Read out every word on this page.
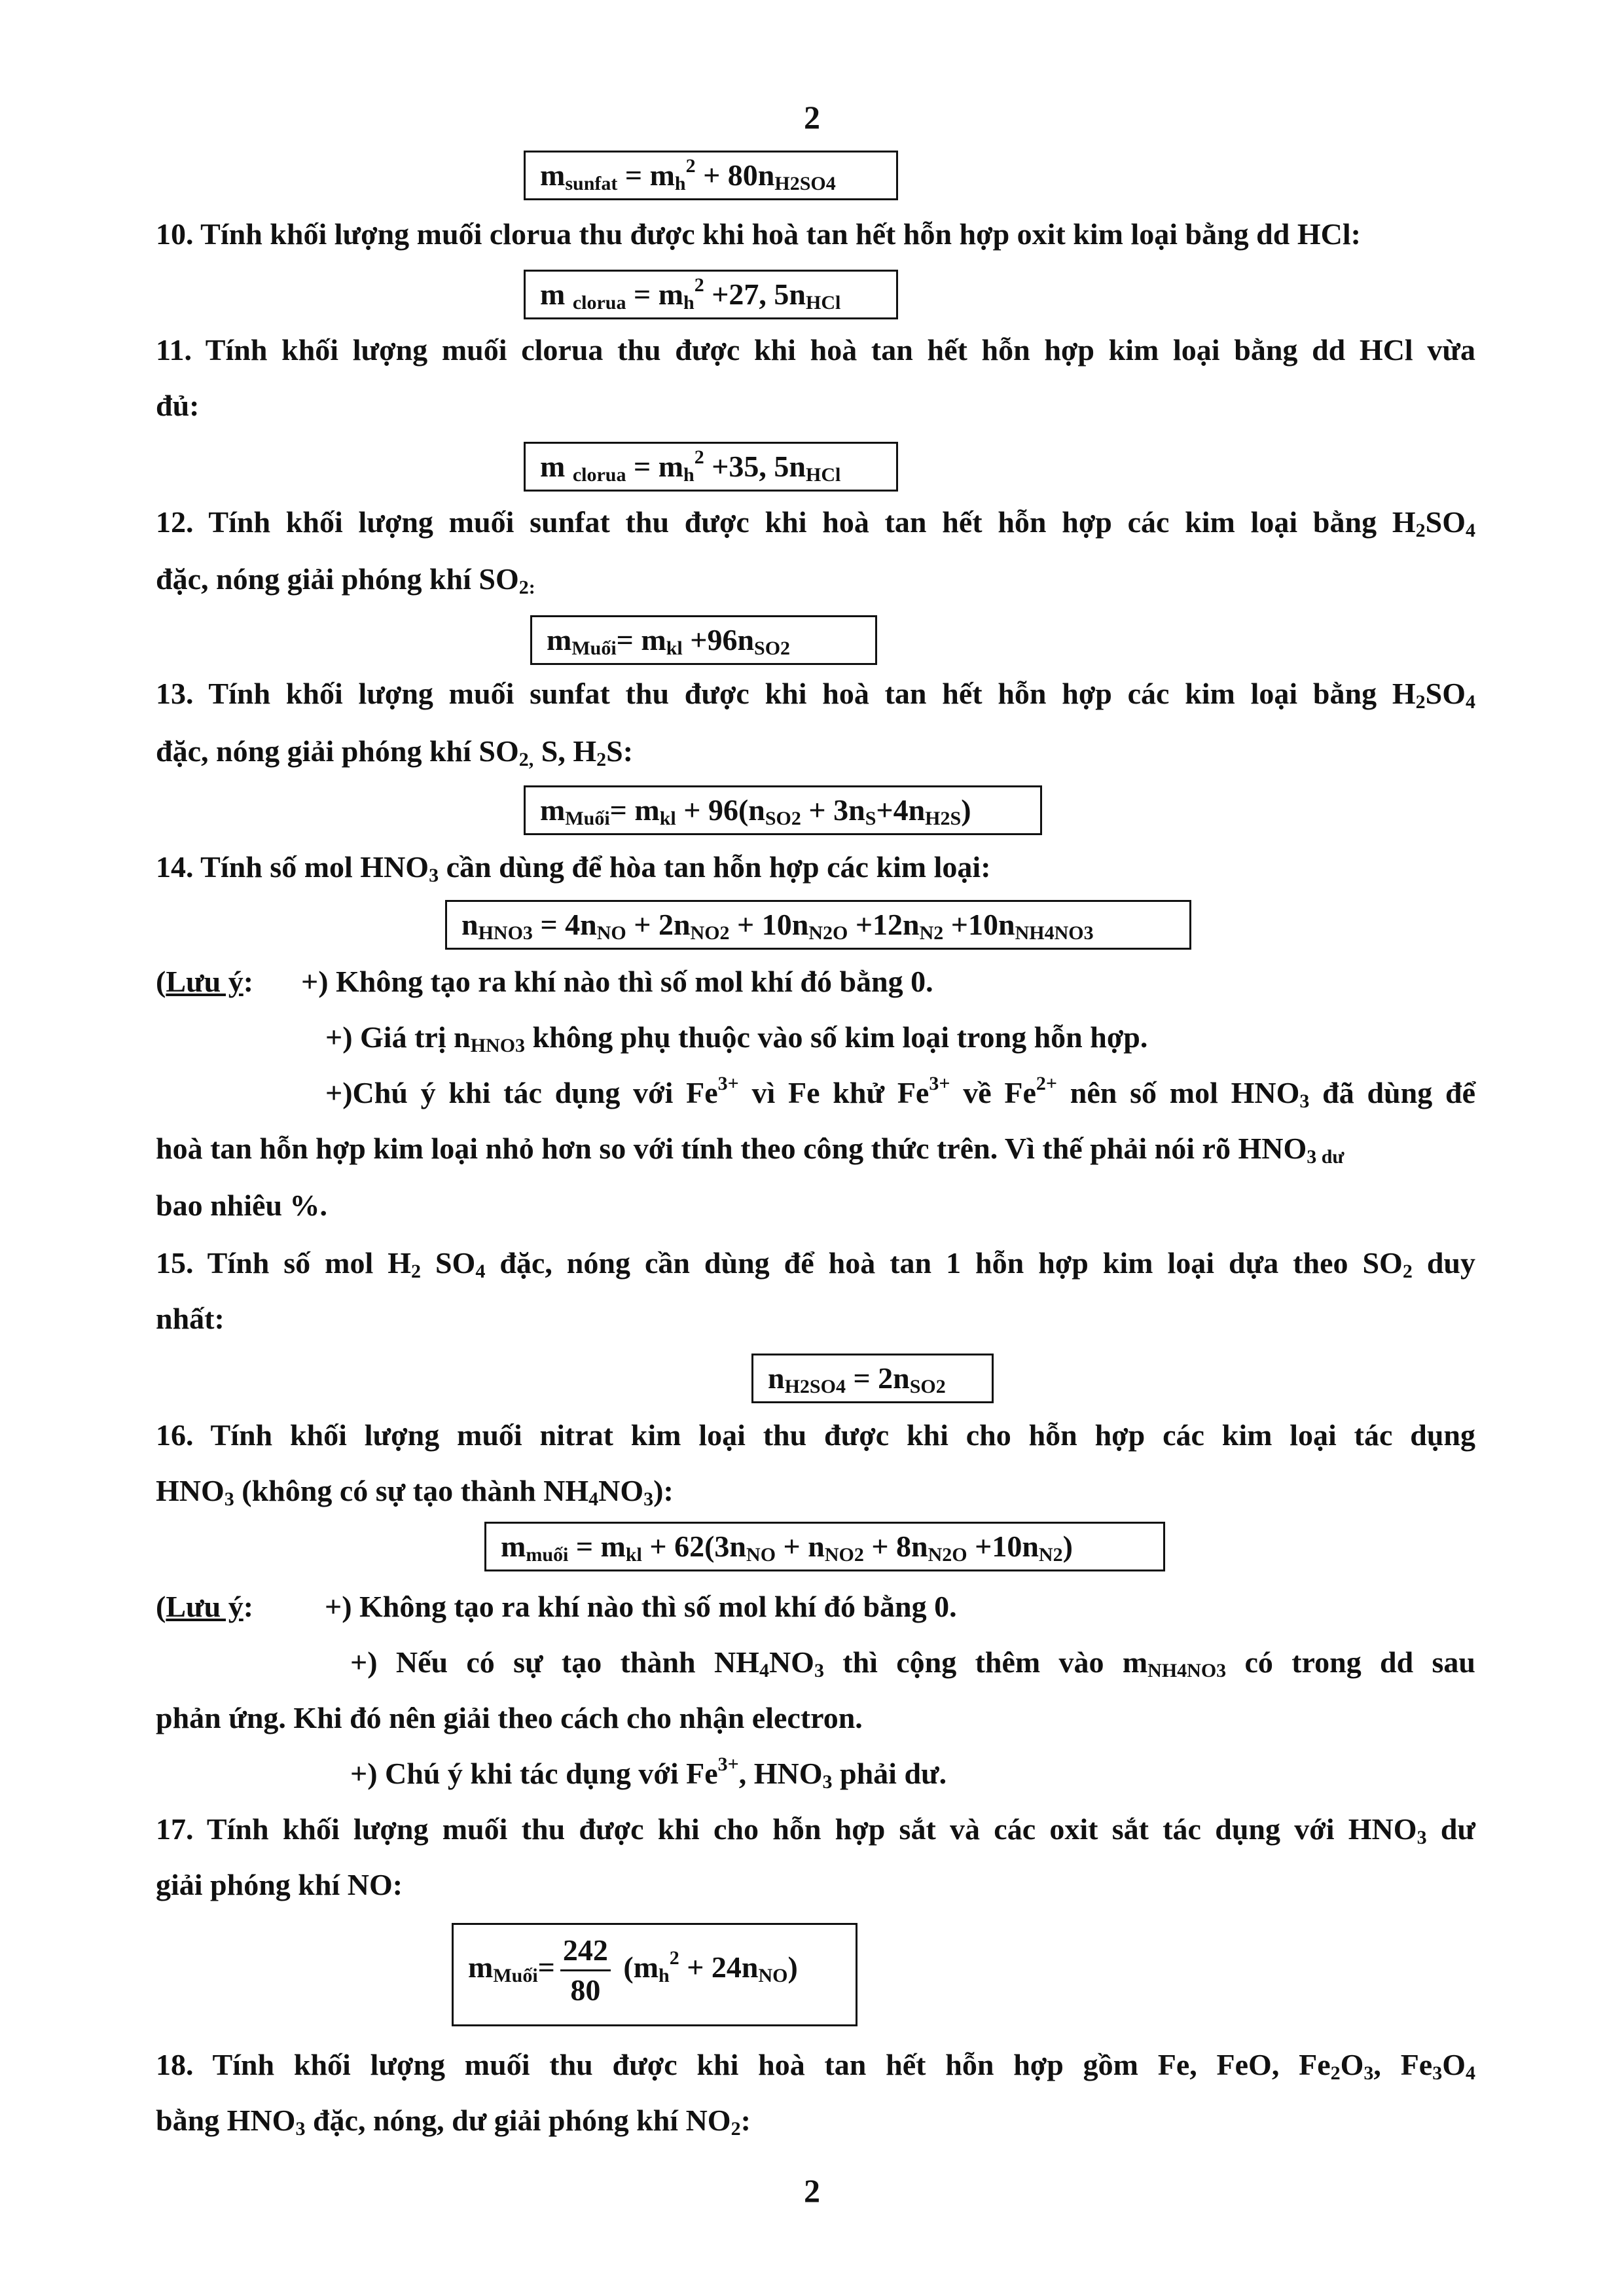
2
$m_{sunfat} = m_h^2 + 80n_{H2SO4}$
10. Tính khối lượng muối clorua thu được khi hoà tan hết hỗn hợp oxit kim loại bằng dd HCl:
m $_{clorua} = m_h^2 +27$, $5n_{HCl}$
11. Tính khối lượng muối clorua thu được khi hoà tan hết hỗn hợp kim loại bằng dd HCl vừa
đủ:
m $_{clorua} = m_h^2 +35$, $5n_{HCl}$
12. Tính khối lượng muối sunfat thu được khi hoà tan hết hỗn hợp các kim loại bằng $H_2SO_4$
đặc, nóng giải phóng khí $SO_{2:}$
$m_{Muối}= m_{kl} +96n_{SO2}$
13. Tính khối lượng muối sunfat thu được khi hoà tan hết hỗn hợp các kim loại bằng $H_2SO_4$
đặc, nóng giải phóng khí $SO_{2,}$ S, $H_2S$:
$m_{Muối}= m_{kl} + 96(n_{SO2} + 3n_S+4n_{H2S})$
14. Tính số mol $HNO_3$ cần dùng để hòa tan hỗn hợp các kim loại:
$n_{HNO3} = 4n_{NO} + 2n_{NO2} + 10n_{N2O} +12n_{N2} +10n_{NH4NO3}$
(Lưu ý: +) Không tạo ra khí nào thì số mol khí đó bằng 0.
+) Giá trị $n_{HNO3}$ không phụ thuộc vào số kim loại trong hỗn hợp.
+)Chú ý khi tác dụng với $Fe^{3+}$ vì Fe khử $Fe^{3+}$ về $Fe^{2+}$ nên số mol $HNO_3$ đã dùng để
hoà tan hỗn hợp kim loại nhỏ hơn so với tính theo công thức trên. Vì thế phải nói rõ $HNO_{3 dư}$
bao nhiêu %.
15. Tính số mol $H_2$ $SO_4$ đặc, nóng cần dùng để hoà tan 1 hỗn hợp kim loại dựa theo $SO_2$ duy
nhất:
$n_{H2SO4} = 2n_{SO2}$
16. Tính khối lượng muối nitrat kim loại thu được khi cho hỗn hợp các kim loại tác dụng
$HNO_3$ (không có sự tạo thành $NH_4NO_3$):
$m_{muối} = m_{kl} + 62(3n_{NO} + n_{NO2} + 8n_{N2O} +10n_{N2})$
(Lưu ý: +) Không tạo ra khí nào thì số mol khí đó bằng 0.
+) Nếu có sự tạo thành $NH_4NO_3$ thì cộng thêm vào $m_{NH4NO3}$ có trong dd sau
phản ứng. Khi đó nên giải theo cách cho nhận electron.
+) Chú ý khi tác dụng với $Fe^{3+}$, $HNO_3$ phải dư.
17. Tính khối lượng muối thu được khi cho hỗn hợp sắt và các oxit sắt tác dụng với $HNO_3$ dư
giải phóng khí NO:
$m_{Muối}= \frac{242}{80} (m_h^2 + 24n_{NO})$
18. Tính khối lượng muối thu được khi hoà tan hết hỗn hợp gồm Fe, FeO, $Fe_2O_3$, $Fe_3O_4$
bằng $HNO_3$ đặc, nóng, dư giải phóng khí $NO_2$:
2
